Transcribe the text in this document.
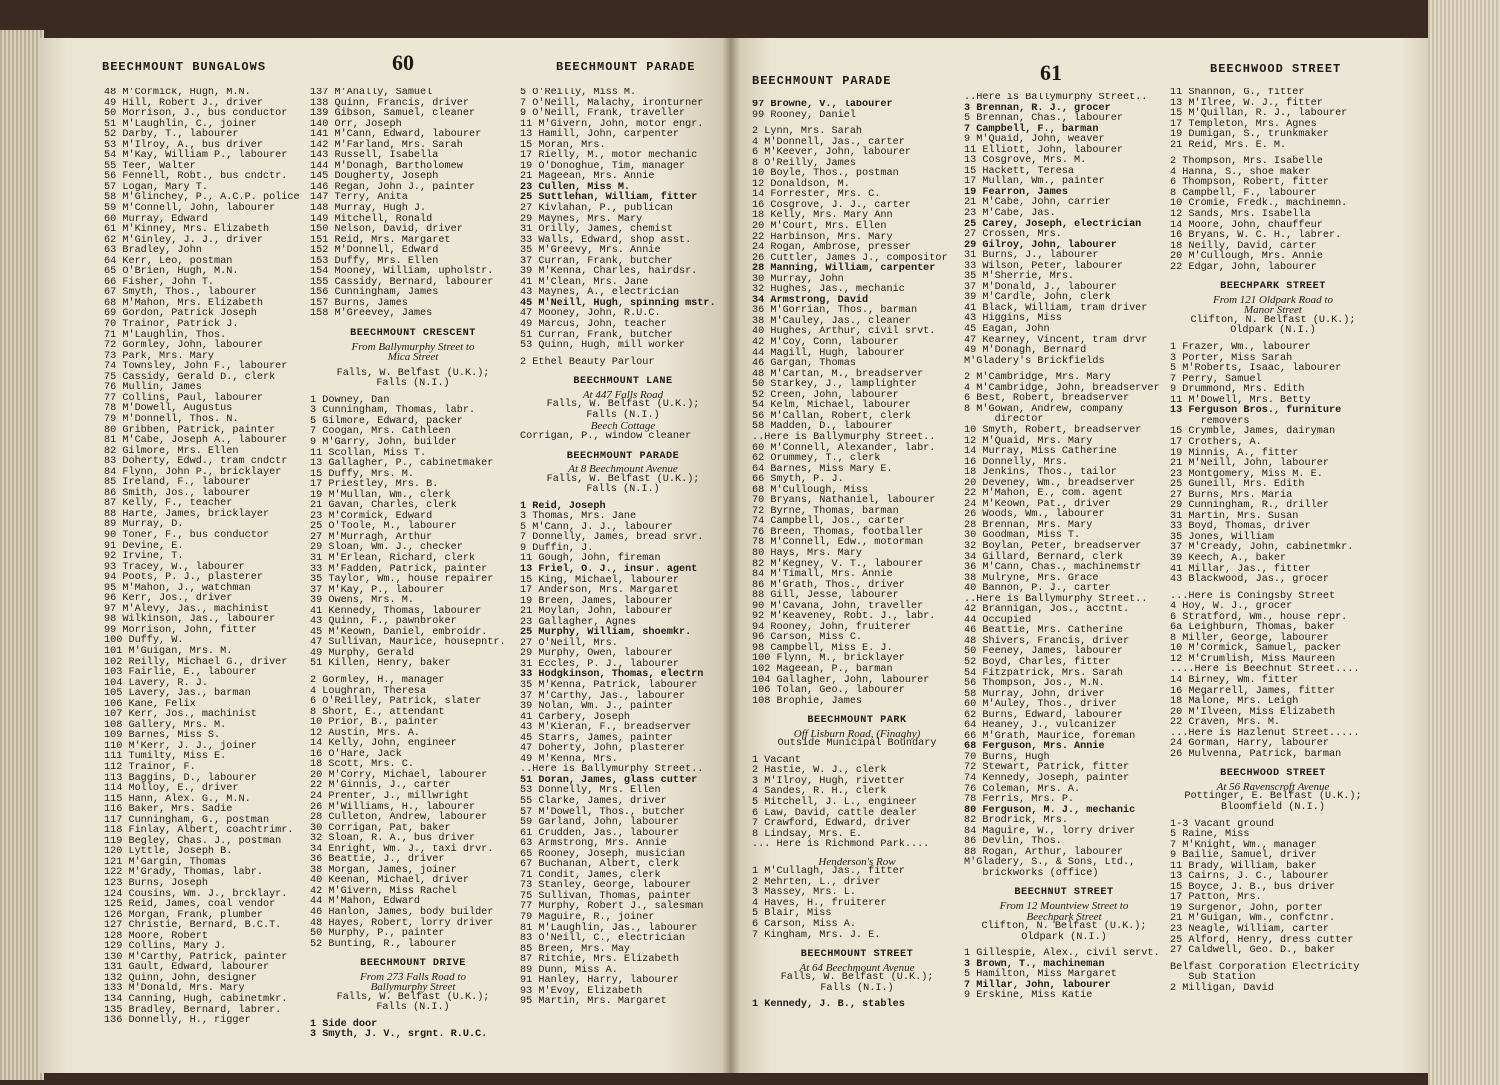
BEECHMOUNT BUNGALOWS	60	BEECHMOUNT PARADE
48 M'Cormick, Hugh, M.N.
49 Hill, Robert J., driver
50 Morrison, J., bus conductor
51 M'Laughlin, C., joiner
52 Darby, T., labourer
53 M'Ilroy, A., bus driver
54 M'Kay, William P., labourer
55 Teer, Walter
56 Fennell, Robt., bus cndctr.
57 Logan, Mary T.
58 M'Glinchey, P., A.C.P. police
59 M'Connell, John, labourer
60 Murray, Edward
61 M'Kinney, Mrs. Elizabeth
62 M'Ginley, J. J., driver
63 Bradley, John
64 Kerr, Leo, postman
65 O'Brien, Hugh, M.N.
66 Fisher, John T.
67 Smyth, Thos., labourer
68 M'Mahon, Mrs. Elizabeth
69 Gordon, Patrick Joseph
70 Trainor, Patrick J.
71 M'Laughlin, Thos.
72 Gormley, John, labourer
73 Park, Mrs. Mary
74 Townsley, John F., labourer
75 Cassidy, Gerald D., clerk
76 Mullin, James
77 Collins, Paul, labourer
78 M'Dowell, Augustus
79 M'Donnell, Thos. N.
80 Gribben, Patrick, painter
81 M'Cabe, Joseph A., labourer
82 Gilmore, Mrs. Ellen
83 Doherty, Edwd., tram cndctr
84 Flynn, John P., bricklayer
85 Ireland, F., labourer
86 Smith, Jos., labourer
87 Kelly, F., teacher
88 Harte, James, bricklayer
89 Murray, D.
90 Toner, F., bus conductor
91 Devine, E.
92 Irvine, T.
93 Tracey, W., labourer
94 Poots, P. J., plasterer
95 M'Mahon, J., watchman
96 Kerr, Jos., driver
97 M'Alevy, Jas., machinist
98 Wilkinson, Jas., labourer
99 Morrison, John, fitter
100 Duffy, W.
101 M'Guigan, Mrs. M.
102 Reilly, Michael G., driver
103 Fairlie, E., labourer
104 Lavery, R. J.
105 Lavery, Jas., barman
106 Kane, Felix
107 Kerr, Jos., machinist
108 Gallery, Mrs. M.
109 Barnes, Miss S.
110 M'Kerr, J. J., joiner
111 Tumilty, Miss E.
112 Trainor, F.
113 Baggins, D., labourer
114 Molloy, E., driver
115 Hann, Alex. G., M.N.
116 Baker, Mrs. Sadie
117 Cunningham, G., postman
118 Finlay, Albert, coachtrimr.
119 Begley, Chas. J., postman
120 Lyttle, Joseph B.
121 M'Gargin, Thomas
122 M'Grady, Thomas, labr.
123 Burns, Joseph
124 Cousins, Wm. J., brcklayr.
125 Reid, James, coal vendor
126 Morgan, Frank, plumber
127 Christie, Bernard, B.C.T.
128 Moore, Robert
129 Collins, Mary J.
130 M'Carthy, Patrick, painter
131 Gault, Edward, labourer
132 Quinn, John, designer
133 M'Donald, Mrs. Mary
134 Canning, Hugh, cabinetmkr.
135 Bradley, Bernard, labrer.
136 Donnelly, H., rigger
137 M'Anally, Samuel
138 Quinn, Francis, driver
139 Gibson, Samuel, cleaner
140 Orr, Joseph
141 M'Cann, Edward, labourer
142 M'Farland, Mrs. Sarah
143 Russell, Isabella
144 M'Donagh, Bartholomew
145 Dougherty, Joseph
146 Regan, John J., painter
147 Terry, Anita
148 Murray, Hugh J.
149 Mitchell, Ronald
150 Nelson, David, driver
151 Reid, Mrs. Margaret
152 M'Donnell, Edward
153 Duffy, Mrs. Ellen
154 Mooney, William, upholstr.
155 Cassidy, Bernard, labourer
156 Cunningham, James
157 Burns, James
158 M'Greevey, James
BEECHMOUNT CRESCENT
From Ballymurphy Street to
Mica Street
Falls, W. Belfast (U.K.);
Falls (N.I.)
1 Downey, Dan
3 Cunningham, Thomas, labr.
5 Gilmore, Edward, packer
7 Coogan, Mrs. Cathleen
9 M'Garry, John, builder
11 Scollan, Miss T.
13 Gallagher, P., cabinetmaker
15 Duffy, Mrs. M.
17 Priestley, Mrs. B.
19 M'Mullan, Wm., clerk
21 Gavan, Charles, clerk
23 M'Cormick, Edward
25 O'Toole, M., labourer
27 M'Murragh, Arthur
29 Sloan, Wm. J., checker
31 M'Erlean, Richard, clerk
33 M'Fadden, Patrick, painter
35 Taylor, Wm., house repairer
37 M'Kay, P., labourer
39 Owens, Mrs. M.
41 Kennedy, Thomas, labourer
43 Quinn, F., pawnbroker
45 M'Keown, Daniel, embroidr.
47 Sullivan, Maurice, housepntr.
49 Murphy, Gerald
51 Killen, Henry, baker
2 Gormley, H., manager
4 Loughran, Theresa
6 O'Reilley, Patrick, slater
8 Short, E., attendant
10 Prior, B., painter
12 Austin, Mrs. A.
14 Kelly, John, engineer
16 O'Hare, Jack
18 Scott, Mrs. C.
20 M'Corry, Michael, labourer
22 M'Ginnis, J., carter
24 Prenter, J., millwright
26 M'Williams, H., labourer
28 Culleton, Andrew, labourer
30 Corrigan, Pat, baker
32 Sloan, R. A., bus driver
34 Enright, Wm. J., taxi drvr.
36 Beattie, J., driver
38 Morgan, James, joiner
40 Keenan, Michael, driver
42 M'Givern, Miss Rachel
44 M'Mahon, Edward
46 Hanlon, James, body builder
48 Hayes, Robert, lorry driver
50 Murphy, P., painter
52 Bunting, R., labourer
BEECHMOUNT DRIVE
From 273 Falls Road to
Ballymurphy Street
Falls, W. Belfast (U.K.);
Falls (N.I.)
1 Side door
3 Smyth, J. V., srgnt. R.U.C.
5 O'Reilly, Miss M.
7 O'Neill, Malachy, ironturner
9 O'Neill, Frank, traveller
11 M'Givern, John, motor engr.
13 Hamill, John, carpenter
15 Moran, Mrs.
17 Rielly, M., motor mechanic
19 O'Donoghue, Tim, manager
21 Mageean, Mrs. Annie
23 Cullen, Miss M.
25 Suttlehan, William, fitter
27 Kivlahan, P., publican
29 Maynes, Mrs. Mary
31 Orilly, James, chemist
33 Walls, Edward, shop asst.
35 M'Greevy, Mrs. Annie
37 Curran, Frank, butcher
39 M'Kenna, Charles, hairdsr.
41 M'Clean, Mrs. Jane
43 Maynes, A., electrician
45 M'Neill, Hugh, spinning mstr.
47 Mooney, John, R.U.C.
49 Marcus, John, teacher
51 Curran, Frank, butcher
53 Quinn, Hugh, mill worker
2 Ethel Beauty Parlour
BEECHMOUNT LANE
At 447 Falls Road
Falls, W. Belfast (U.K.);
Falls (N.I.)
Beech Cottage
Corrigan, P., window cleaner
BEECHMOUNT PARADE
At 8 Beechmount Avenue
Falls, W. Belfast (U.K.);
Falls (N.I.)
1 Reid, Joseph
3 Thomas, Mrs. Jane
5 M'Cann, J. J., labourer
7 Donnelly, James, bread srvr.
9 Duffin, J.
11 Gough, John, fireman
13 Friel, O. J., insur. agent
15 King, Michael, labourer
17 Anderson, Mrs. Margaret
19 Breen, James, labourer
21 Moylan, John, labourer
23 Gallagher, Agnes
25 Murphy, William, shoemkr.
27 O'Neill, Mrs.
29 Murphy, Owen, labourer
31 Eccles, P. J., labourer
33 Hodgkinson, Thomas, electrn
35 M'Kenna, Patrick, labourer
37 M'Carthy, Jas., labourer
39 Nolan, Wm. J., painter
41 Carbery, Joseph
43 M'Kieran, F., breadserver
45 Starrs, James, painter
47 Doherty, John, plasterer
49 M'Kenna, Mrs.
..Here is Ballymurphy Street..
51 Doran, James, glass cutter
53 Donnelly, Mrs. Ellen
55 Clarke, James, driver
57 M'Dowell, Thos., butcher
59 Garland, John, labourer
61 Crudden, Jas., labourer
63 Armstrong, Mrs. Annie
65 Rooney, Joseph, musician
67 Buchanan, Albert, clerk
71 Condit, James, clerk
73 Stanley, George, labourer
75 Sullivan, Thomas, painter
77 Murphy, Robert J., salesman
79 Maguire, R., joiner
81 M'Laughlin, Jas., labourer
83 O'Neill, C., electrician
85 Breen, Mrs. May
87 Ritchie, Mrs. Elizabeth
89 Dunn, Miss A.
91 Hanley, Harry, labourer
93 M'Evoy, Elizabeth
95 Martin, Mrs. Margaret
BEECHMOUNT PARADE	61	BEECHWOOD STREET
97 Browne, V., labourer
99 Rooney, Daniel
2 Lynn, Mrs. Sarah
4 M'Donnell, Jas., carter
6 M'Keever, John, labourer
8 O'Reilly, James
10 Boyle, Thos., postman
12 Donaldson, M.
14 Forrester, Mrs. C.
16 Cosgrove, J. J., carter
18 Kelly, Mrs. Mary Ann
20 M'Court, Mrs. Ellen
22 Harbinson, Mrs. Mary
24 Rogan, Ambrose, presser
26 Cuttler, James J., compositor
28 Manning, William, carpenter
30 Murray, John
32 Hughes, Jas., mechanic
34 Armstrong, David
36 M'Gorrian, Thos., barman
38 M'Cauley, Jas., cleaner
40 Hughes, Arthur, civil srvt.
42 M'Coy, Conn, labourer
44 Magill, Hugh, labourer
46 Gargan, Thomas
48 M'Cartan, M., breadserver
50 Starkey, J., lamplighter
52 Creen, John, labourer
54 Kelm, Michael, labourer
56 M'Callan, Robert, clerk
58 Madden, D., labourer
..Here is Ballymurphy Street..
60 M'Connell, Alexander, labr.
62 Orummey, T., clerk
64 Barnes, Miss Mary E.
66 Smyth, P. J.
68 M'Cullough, Miss
70 Bryans, Nathaniel, labourer
72 Byrne, Thomas, barman
74 Campbell, Jos., carter
76 Breen, Thomas, footballer
78 M'Connell, Edw., motorman
80 Hays, Mrs. Mary
82 M'Kegney, V. T., labourer
84 M'Timall, Mrs. Annie
86 M'Grath, Thos., driver
88 Gill, Jesse, labourer
90 M'Cavana, John, traveller
92 M'Keaveney, Robt. J., labr.
94 Rooney, John, fruiterer
96 Carson, Miss C.
98 Campbell, Miss E. J.
100 Flynn, M., bricklayer
102 Mageean, P., barman
104 Gallagher, John, labourer
106 Tolan, Geo., labourer
108 Brophie, James
BEECHMOUNT PARK
Off Lisburn Road, (Finaghy)
Outside Municipal Boundary
1 Vacant
2 Hastie, W. J., clerk
3 M'Ilroy, Hugh, rivetter
4 Sandes, R. H., clerk
5 Mitchell, J. L., engineer
6 Law, David, cattle dealer
7 Crawford, Edward, driver
8 Lindsay, Mrs. E.
... Here is Richmond Park....
Henderson's Row
1 M'Cullagh, Jas., fitter
2 Mehrten, L., driver
3 Massey, Mrs. L.
4 Haves, H., fruiterer
5 Blair, Miss
6 Carson, Miss A.
7 Kingham, Mrs. J. E.
BEECHMOUNT STREET
At 64 Beechmount Avenue
Falls, W. Belfast (U.K.);
Falls (N.I.)
1 Kennedy, J. B., stables
..Here is Ballymurphy Street..
3 Brennan, R. J., grocer
5 Brennan, Chas., labourer
7 Campbell, F., barman
9 M'Quaid, John, weaver
11 Elliott, John, labourer
13 Cosgrove, Mrs. M.
15 Hackett, Teresa
17 Mullan, Wm., painter
19 Fearron, James
21 M'Cabe, John, carrier
23 M'Cabe, Jas.
25 Carey, Joseph, electrician
27 Crossen, Mrs.
29 Gilroy, John, labourer
31 Burns, J., labourer
33 Wilson, Peter, labourer
35 M'Sherrie, Mrs.
37 M'Donald, J., labourer
39 M'Cardle, John, clerk
41 Black, William, tram driver
43 Higgins, Miss
45 Eagan, John
47 Kearney, Vincent, tram drvr
49 M'Donagh, Bernard
M'Gladery's Brickfields
2 M'Cambridge, Mrs. Mary
4 M'Cambridge, John, breadserver
6 Best, Robert, breadserver
8 M'Gowan, Andrew, company
director
10 Smyth, Robert, breadserver
12 M'Quaid, Mrs. Mary
14 Murray, Miss Catherine
16 Donnelly, Mrs.
18 Jenkins, Thos., tailor
20 Deveney, Wm., breadserver
22 M'Mahon, E., com. agent
24 M'Keown, Pat., driver
26 Woods, Wm., labourer
28 Brennan, Mrs. Mary
30 Goodman, Miss T.
32 Boylan, Peter, breadserver
34 Gillard, Bernard, clerk
36 M'Cann, Chas., machinemstr
38 Mulryne, Mrs. Grace
40 Bannon, P. J., carter
..Here is Ballymurphy Street..
42 Brannigan, Jos., acctnt.
44 Occupied
46 Beattie, Mrs. Catherine
48 Shivers, Francis, driver
50 Feeney, James, labourer
52 Boyd, Charles, fitter
54 Fitzpatrick, Mrs. Sarah
56 Thompson, Jos., M.N.
58 Murray, John, driver
60 M'Auley, Thos., driver
62 Burns, Edward, labourer
64 Heaney, J., vulcanizer
66 M'Grath, Maurice, foreman
68 Ferguson, Mrs. Annie
70 Burns, Hugh
72 Stewart, Patrick, fitter
74 Kennedy, Joseph, painter
76 Coleman, Mrs. A.
78 Ferris, Mrs. P.
80 Ferguson, M. J., mechanic
82 Brodrick, Mrs.
84 Maguire, W., lorry driver
86 Devlin, Thos.
88 Rogan, Arthur, labourer
M'Gladery, S., & Sons, Ltd.,
brickworks (office)
BEECHNUT STREET
From 12 Mountview Street to
Beechpark Street
Clifton, N. Belfast (U.K.);
Oldpark (N.I.)
1 Gillespie, Alex., civil servt.
3 Brown, T., machineman
5 Hamilton, Miss Margaret
7 Millar, John, labourer
9 Erskine, Miss Katie
11 Shannon, G., fitter
13 M'Ilree, W. J., fitter
15 M'Quillan, R. J., labourer
17 Templeton, Mrs. Agnes
19 Dumigan, S., trunkmaker
21 Reid, Mrs. E. M.
2 Thompson, Mrs. Isabelle
4 Hanna, S., shoe maker
6 Thompson, Robert, fitter
8 Campbell, F., labourer
10 Cromie, Fredk., machinemn.
12 Sands, Mrs. Isabella
14 Moore, John, chauffeur
16 Bryans, W. C. H., labrer.
18 Neilly, David, carter
20 M'Cullough, Mrs. Annie
22 Edgar, John, labourer
BEECHPARK STREET
From 121 Oldpark Road to
Manor Street
Clifton, N. Belfast (U.K.);
Oldpark (N.I.)
1 Frazer, Wm., labourer
3 Porter, Miss Sarah
5 M'Roberts, Isaac, labourer
7 Perry, Samuel
9 Drummond, Mrs. Edith
11 M'Dowell, Mrs. Betty
13 Ferguson Bros., furniture
removers
15 Crymble, James, dairyman
17 Crothers, A.
19 Minnis, A., fitter
21 M'Neill, John, labourer
23 Montgomery, Miss M. E.
25 Guneill, Mrs. Edith
27 Burns, Mrs. Maria
29 Cunningham, R., driller
31 Martin, Mrs. Susan
33 Boyd, Thomas, driver
35 Jones, William
37 M'Cready, John, cabinetmkr.
39 Keech, A., baker
41 Millar, Jas., fitter
43 Blackwood, Jas., grocer
...Here is Coningsby Street
4 Hoy, W. J., grocer
6 Stratford, Wm., house repr.
6a Leighburn, Thomas, baker
8 Miller, George, labourer
10 M'Cormick, Samuel, packer
12 M'Crumlish, Miss Maureen
....Here is Beechnut Street....
14 Birney, Wm. fitter
16 Megarrell, James, fitter
18 Malone, Mrs. Leigh
20 M'Ilveen, Miss Elizabeth
22 Craven, Mrs. M.
...Here is Hazlenut Street.....
24 Gorman, Harry, labourer
26 Mulvenna, Patrick, barman
BEECHWOOD STREET
At 56 Ravenscroft Avenue
Pottinger, E. Belfast (U.K.);
Bloomfield (N.I.)
1-3 Vacant ground
5 Raine, Miss
7 M'Knight, Wm., manager
9 Bailie, Samuel, driver
11 Brady, William, baker
13 Cairns, J. C., labourer
15 Boyce, J. B., bus driver
17 Patton, Mrs.
19 Surgenor, John, porter
21 M'Guigan, Wm., confctnr.
23 Neagle, William, carter
25 Alford, Henry, dress cutter
27 Caldwell, Geo. D., baker
Belfast Corporation Electricity
Sub Station
2 Milligan, David
